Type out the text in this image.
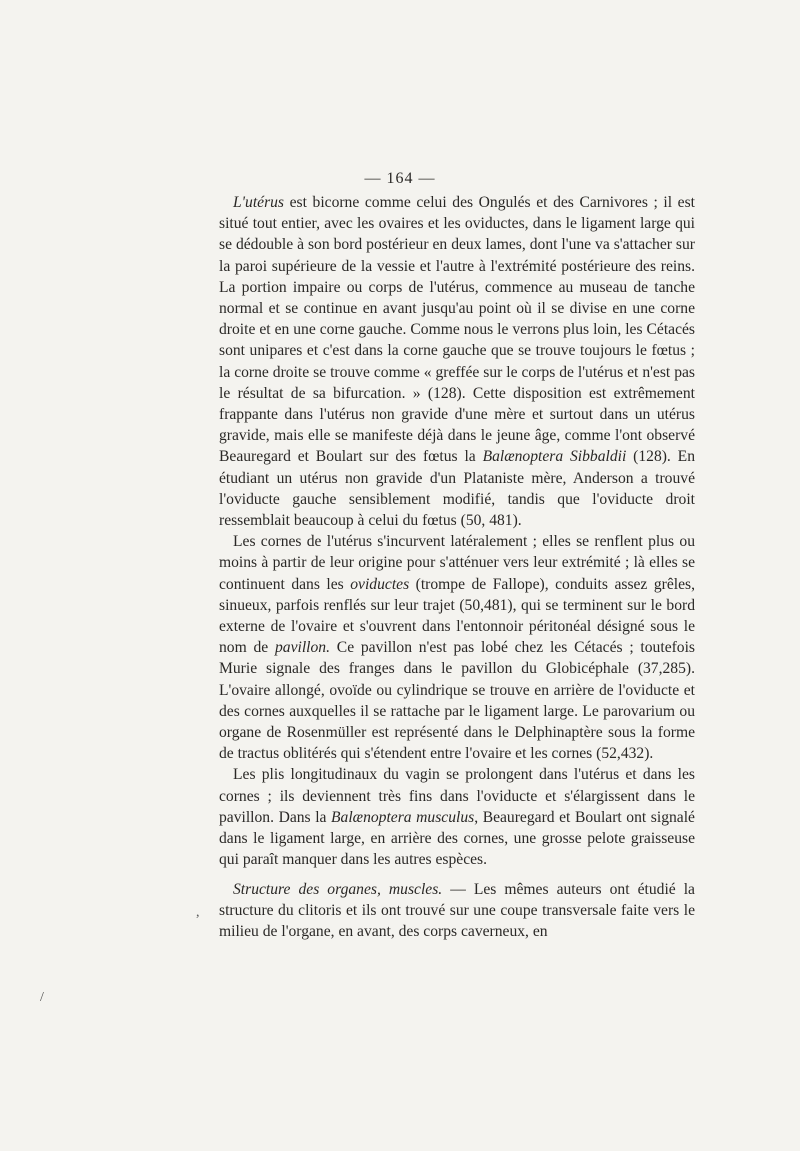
— 164 —

L'utérus est bicorne comme celui des Ongulés et des Carnivores ; il est situé tout entier, avec les ovaires et les oviductes, dans le ligament large qui se dédouble à son bord postérieur en deux lames, dont l'une va s'attacher sur la paroi supérieure de la vessie et l'autre à l'extrémité postérieure des reins. La portion impaire ou corps de l'utérus, commence au museau de tanche normal et se continue en avant jusqu'au point où il se divise en une corne droite et en une corne gauche. Comme nous le verrons plus loin, les Cétacés sont unipares et c'est dans la corne gauche que se trouve toujours le fœtus ; la corne droite se trouve comme « greffée sur le corps de l'utérus et n'est pas le résultat de sa bifurcation. » (128). Cette disposition est extrêmement frappante dans l'utérus non gravide d'une mère et surtout dans un utérus gravide, mais elle se manifeste déjà dans le jeune âge, comme l'ont observé Beauregard et Boulart sur des fœtus la Balænoptera Sibbaldii (128). En étudiant un utérus non gravide d'un Plataniste mère, Anderson a trouvé l'oviducte gauche sensiblement modifié, tandis que l'oviducte droit ressemblait beaucoup à celui du fœtus (50, 481).

Les cornes de l'utérus s'incurvent latéralement ; elles se renflent plus ou moins à partir de leur origine pour s'atténuer vers leur extrémité ; là elles se continuent dans les oviductes (trompe de Fallope), conduits assez grêles, sinueux, parfois renflés sur leur trajet (50,481), qui se terminent sur le bord externe de l'ovaire et s'ouvrent dans l'entonnoir péritonéal désigné sous le nom de pavillon. Ce pavillon n'est pas lobé chez les Cétacés ; toutefois Murie signale des franges dans le pavillon du Globicéphale (37,285). L'ovaire allongé, ovoïde ou cylindrique se trouve en arrière de l'oviducte et des cornes auxquelles il se rattache par le ligament large. Le parovarium ou organe de Rosenmüller est représenté dans le Delphinaptère sous la forme de tractus oblitérés qui s'étendent entre l'ovaire et les cornes (52,432).

Les plis longitudinaux du vagin se prolongent dans l'utérus et dans les cornes ; ils deviennent très fins dans l'oviducte et s'élargissent dans le pavillon. Dans la Balænoptera musculus, Beauregard et Boulart ont signalé dans le ligament large, en arrière des cornes, une grosse pelote graisseuse qui paraît manquer dans les autres espèces.

Structure des organes, muscles. — Les mêmes auteurs ont étudié la structure du clitoris et ils ont trouvé sur une coupe transversale faite vers le milieu de l'organe, en avant, des corps caverneux, en

,
/
